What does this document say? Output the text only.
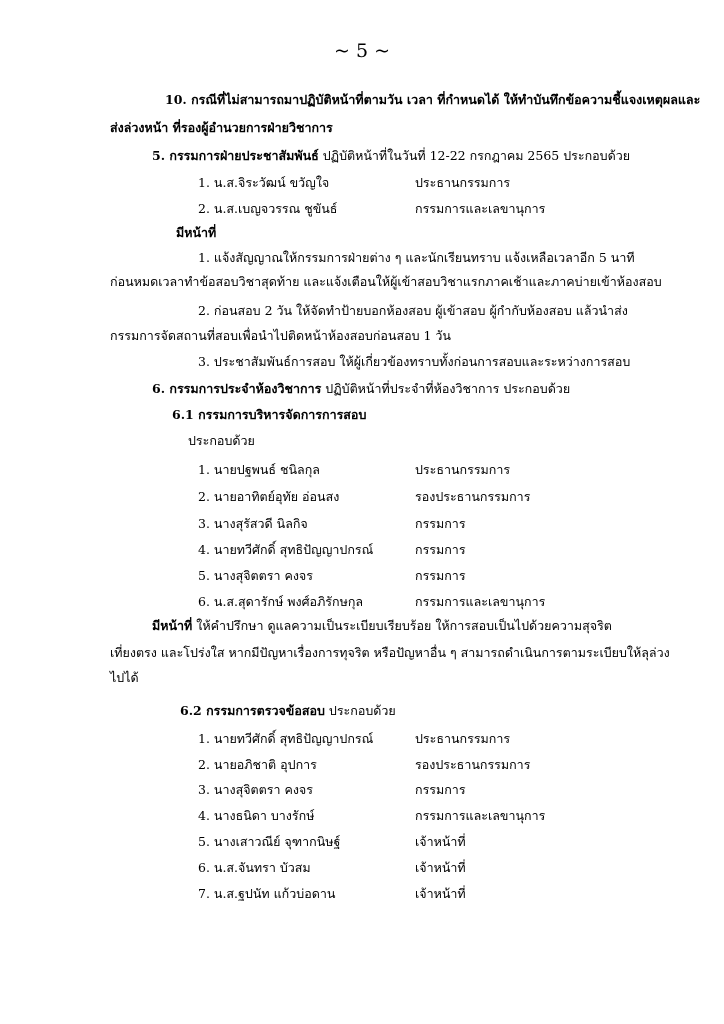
~ 5 ~
10. กรณีที่ไม่สามารถมาปฏิบัติหน้าที่ตามวัน เวลา ที่กำหนดได้ ให้ทำบันทึกข้อความชี้แจงเหตุผลและ
ส่งล่วงหน้า ที่รองผู้อำนวยการฝ่ายวิชาการ
5. กรรมการฝ่ายประชาสัมพันธ์ ปฏิบัติหน้าที่ในวันที่ 12-22 กรกฎาคม 2565 ประกอบด้วย
1. น.ส.จิระวัฒน์ ขวัญใจ	ประธานกรรมการ
2. น.ส.เบญจวรรณ ชูขันธ์	กรรมการและเลขานุการ
มีหน้าที่
1. แจ้งสัญญาณให้กรรมการฝ่ายต่าง ๆ และนักเรียนทราบ แจ้งเหลือเวลาอีก 5 นาที
ก่อนหมดเวลาทำข้อสอบวิชาสุดท้าย และแจ้งเตือนให้ผู้เข้าสอบวิชาแรกภาคเช้าและภาคบ่ายเข้าห้องสอบ
2. ก่อนสอบ 2 วัน ให้จัดทำป้ายบอกห้องสอบ ผู้เข้าสอบ ผู้กำกับห้องสอบ แล้วนำส่ง
กรรมการจัดสถานที่สอบเพื่อนำไปติดหน้าห้องสอบก่อนสอบ 1 วัน
3. ประชาสัมพันธ์การสอบ ให้ผู้เกี่ยวข้องทราบทั้งก่อนการสอบและระหว่างการสอบ
6. กรรมการประจำห้องวิชาการ ปฏิบัติหน้าที่ประจำที่ห้องวิชาการ ประกอบด้วย
6.1 กรรมการบริหารจัดการการสอบ
ประกอบด้วย
1. นายปฐพนธ์ ชนิลกุล	ประธานกรรมการ
2. นายอาทิตย์อุทัย อ่อนสง	รองประธานกรรมการ
3. นางสุรัสวดี นิลกิจ	กรรมการ
4. นายทวีศักดิ์ สุทธิปัญญาปกรณ์	กรรมการ
5. นางสุจิตตรา คงจร	กรรมการ
6. น.ส.สุดารักษ์ พงศ์อภิรักษกุล	กรรมการและเลขานุการ
มีหน้าที่ ให้คำปรึกษา ดูแลความเป็นระเบียบเรียบร้อย ให้การสอบเป็นไปด้วยความสุจริต
เที่ยงตรง และโปร่งใส หากมีปัญหาเรื่องการทุจริต หรือปัญหาอื่น ๆ สามารถดำเนินการตามระเบียบให้ลุล่วง
ไปได้
6.2 กรรมการตรวจข้อสอบ ประกอบด้วย
1. นายทวีศักดิ์ สุทธิปัญญาปกรณ์	ประธานกรรมการ
2. นายอภิชาติ อุปการ	รองประธานกรรมการ
3. นางสุจิตตรา คงจร	กรรมการ
4. นางธนิดา บางรักษ์	กรรมการและเลขานุการ
5. นางเสาวณีย์ จุฑากนิษฐ์	เจ้าหน้าที่
6. น.ส.จันทรา บัวสม	เจ้าหน้าที่
7. น.ส.ฐปนัท แก้วบ่อดาน	เจ้าหน้าที่
